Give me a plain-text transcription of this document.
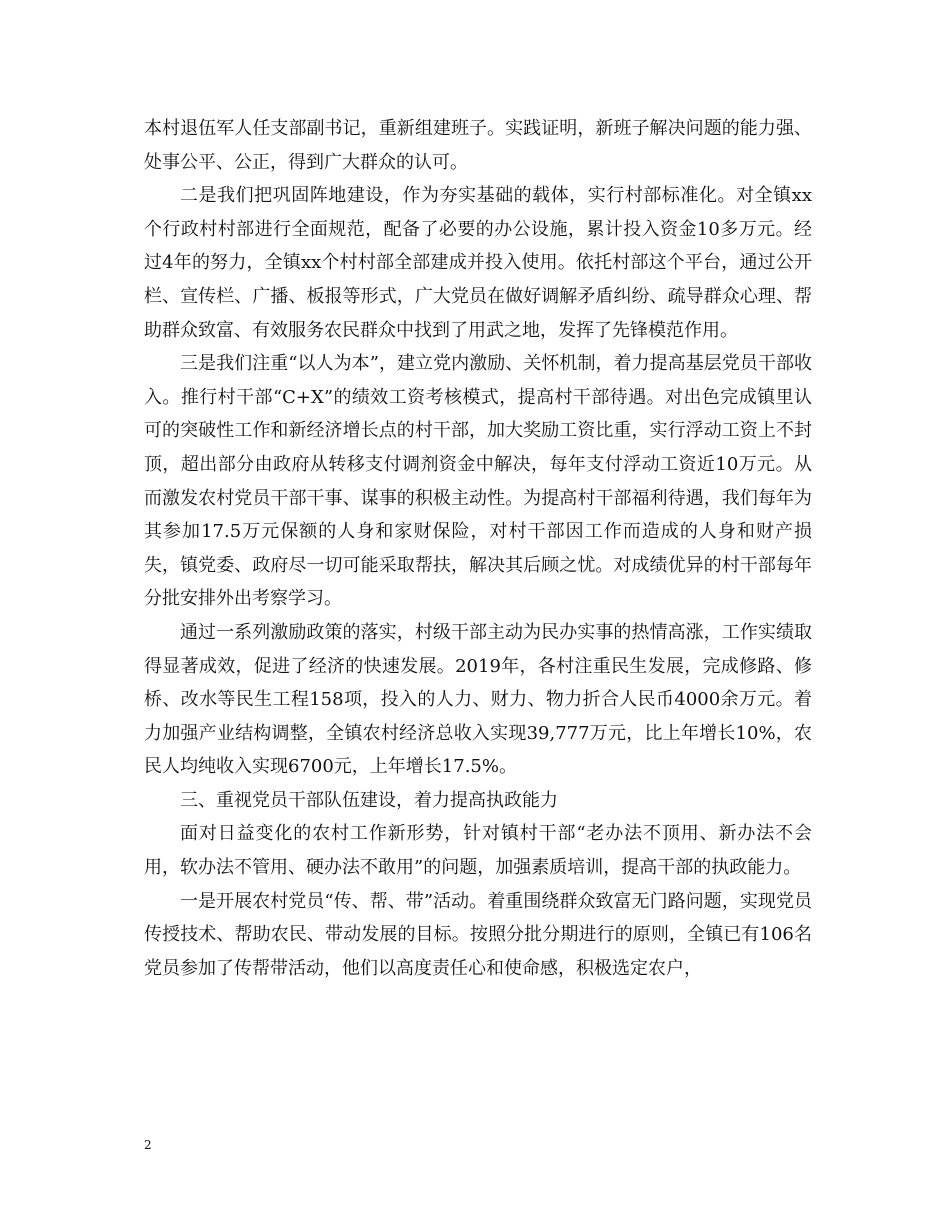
本村退伍军人任支部副书记，重新组建班子。实践证明，新班子解决问题的能力强、处事公平、公正，得到广大群众的认可。

二是我们把巩固阵地建设，作为夯实基础的载体，实行村部标准化。对全镇xx个行政村村部进行全面规范，配备了必要的办公设施，累计投入资金10多万元。经过4年的努力，全镇xx个村村部全部建成并投入使用。依托村部这个平台，通过公开栏、宣传栏、广播、板报等形式，广大党员在做好调解矛盾纠纷、疏导群众心理、帮助群众致富、有效服务农民群众中找到了用武之地，发挥了先锋模范作用。

三是我们注重“以人为本”，建立党内激励、关怀机制，着力提高基层党员干部收入。推行村干部“C+X”的绩效工资考核模式，提高村干部待遇。对出色完成镇里认可的突破性工作和新经济增长点的村干部，加大奖励工资比重，实行浮动工资上不封顶，超出部分由政府从转移支付调剂资金中解决，每年支付浮动工资近10万元。从而激发农村党员干部干事、谋事的积极主动性。为提高村干部福利待遇，我们每年为其参加17.5万元保额的人身和家财保险，对村干部因工作而造成的人身和财产损失，镇党委、政府尽一切可能采取帮扶，解决其后顾之忧。对成绩优异的村干部每年分批安排外出考察学习。

通过一系列激励政策的落实，村级干部主动为民办实事的热情高涨，工作实绩取得显著成效，促进了经济的快速发展。2019年，各村注重民生发展，完成修路、修桥、改水等民生工程158项，投入的人力、财力、物力折合人民币4000余万元。着力加强产业结构调整，全镇农村经济总收入实现39,777万元，比上年增长10%，农民人均纯收入实现6700元，上年增长17.5%。

三、重视党员干部队伍建设，着力提高执政能力

面对日益变化的农村工作新形势，针对镇村干部“老办法不顶用、新办法不会用，软办法不管用、硬办法不敢用”的问题，加强素质培训，提高干部的执政能力。

一是开展农村党员“传、帮、带”活动。着重围绕群众致富无门路问题，实现党员传授技术、帮助农民、带动发展的目标。按照分批分期进行的原则，全镇已有106名党员参加了传帮带活动，他们以高度责任心和使命感，积极选定农户，

2
